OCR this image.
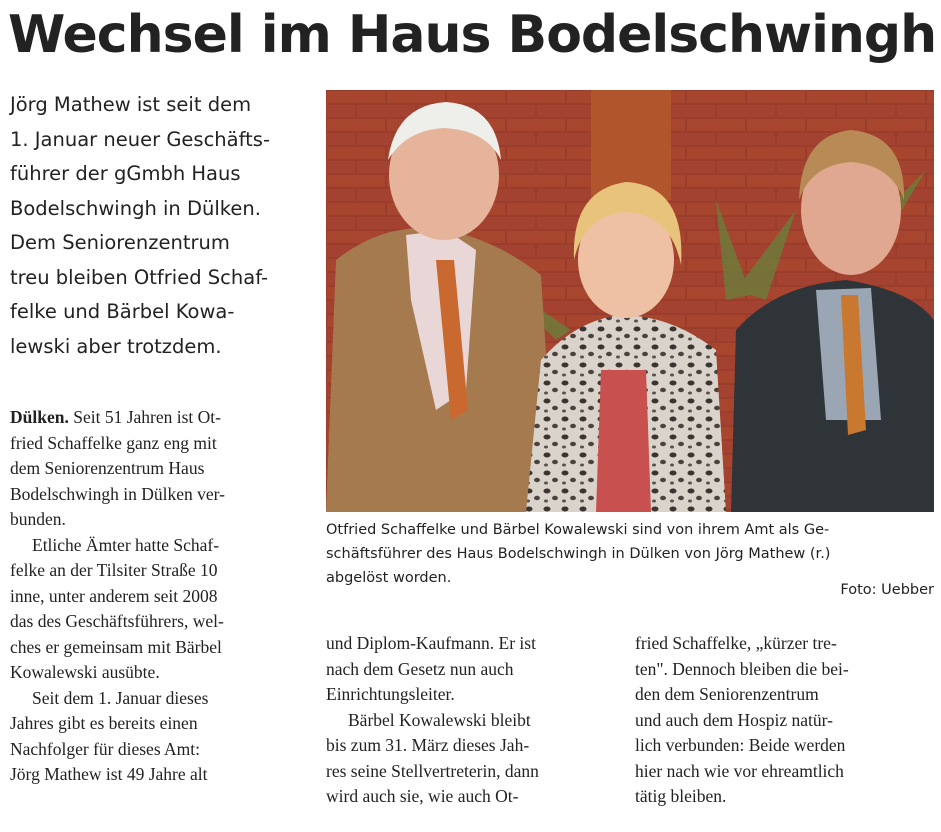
Wechsel im Haus Bodelschwingh
Jörg Mathew ist seit dem
1. Januar neuer Geschäfts-
führer der gGmbh Haus
Bodelschwingh in Dülken.
Dem Seniorenzentrum
treu bleiben Otfried Schaf-
felke und Bärbel Kowa-
lewski aber trotzdem.
Dülken. Seit 51 Jahren ist Ot-
fried Schaffelke ganz eng mit
dem Seniorenzentrum Haus
Bodelschwingh in Dülken ver-
bunden.
Etliche Ämter hatte Schaf-
felke an der Tilsiter Straße 10
inne, unter anderem seit 2008
das des Geschäftsführers, wel-
ches er gemeinsam mit Bärbel
Kowalewski ausübte.
Seit dem 1. Januar dieses
Jahres gibt es bereits einen
Nachfolger für dieses Amt:
Jörg Mathew ist 49 Jahre alt
Otfried Schaffelke und Bärbel Kowalewski sind von ihrem Amt als Ge-
schäftsführer des Haus Bodelschwingh in Dülken von Jörg Mathew (r.)
abgelöst worden.
Foto: Uebber
und Diplom-Kaufmann. Er ist
nach dem Gesetz nun auch
Einrichtungsleiter.
Bärbel Kowalewski bleibt
bis zum 31. März dieses Jah-
res seine Stellvertreterin, dann
wird auch sie, wie auch Ot-
fried Schaffelke, „kürzer tre-
ten". Dennoch bleiben die bei-
den dem Seniorenzentrum
und auch dem Hospiz natür-
lich verbunden: Beide werden
hier nach wie vor ehreamtlich
tätig bleiben.
